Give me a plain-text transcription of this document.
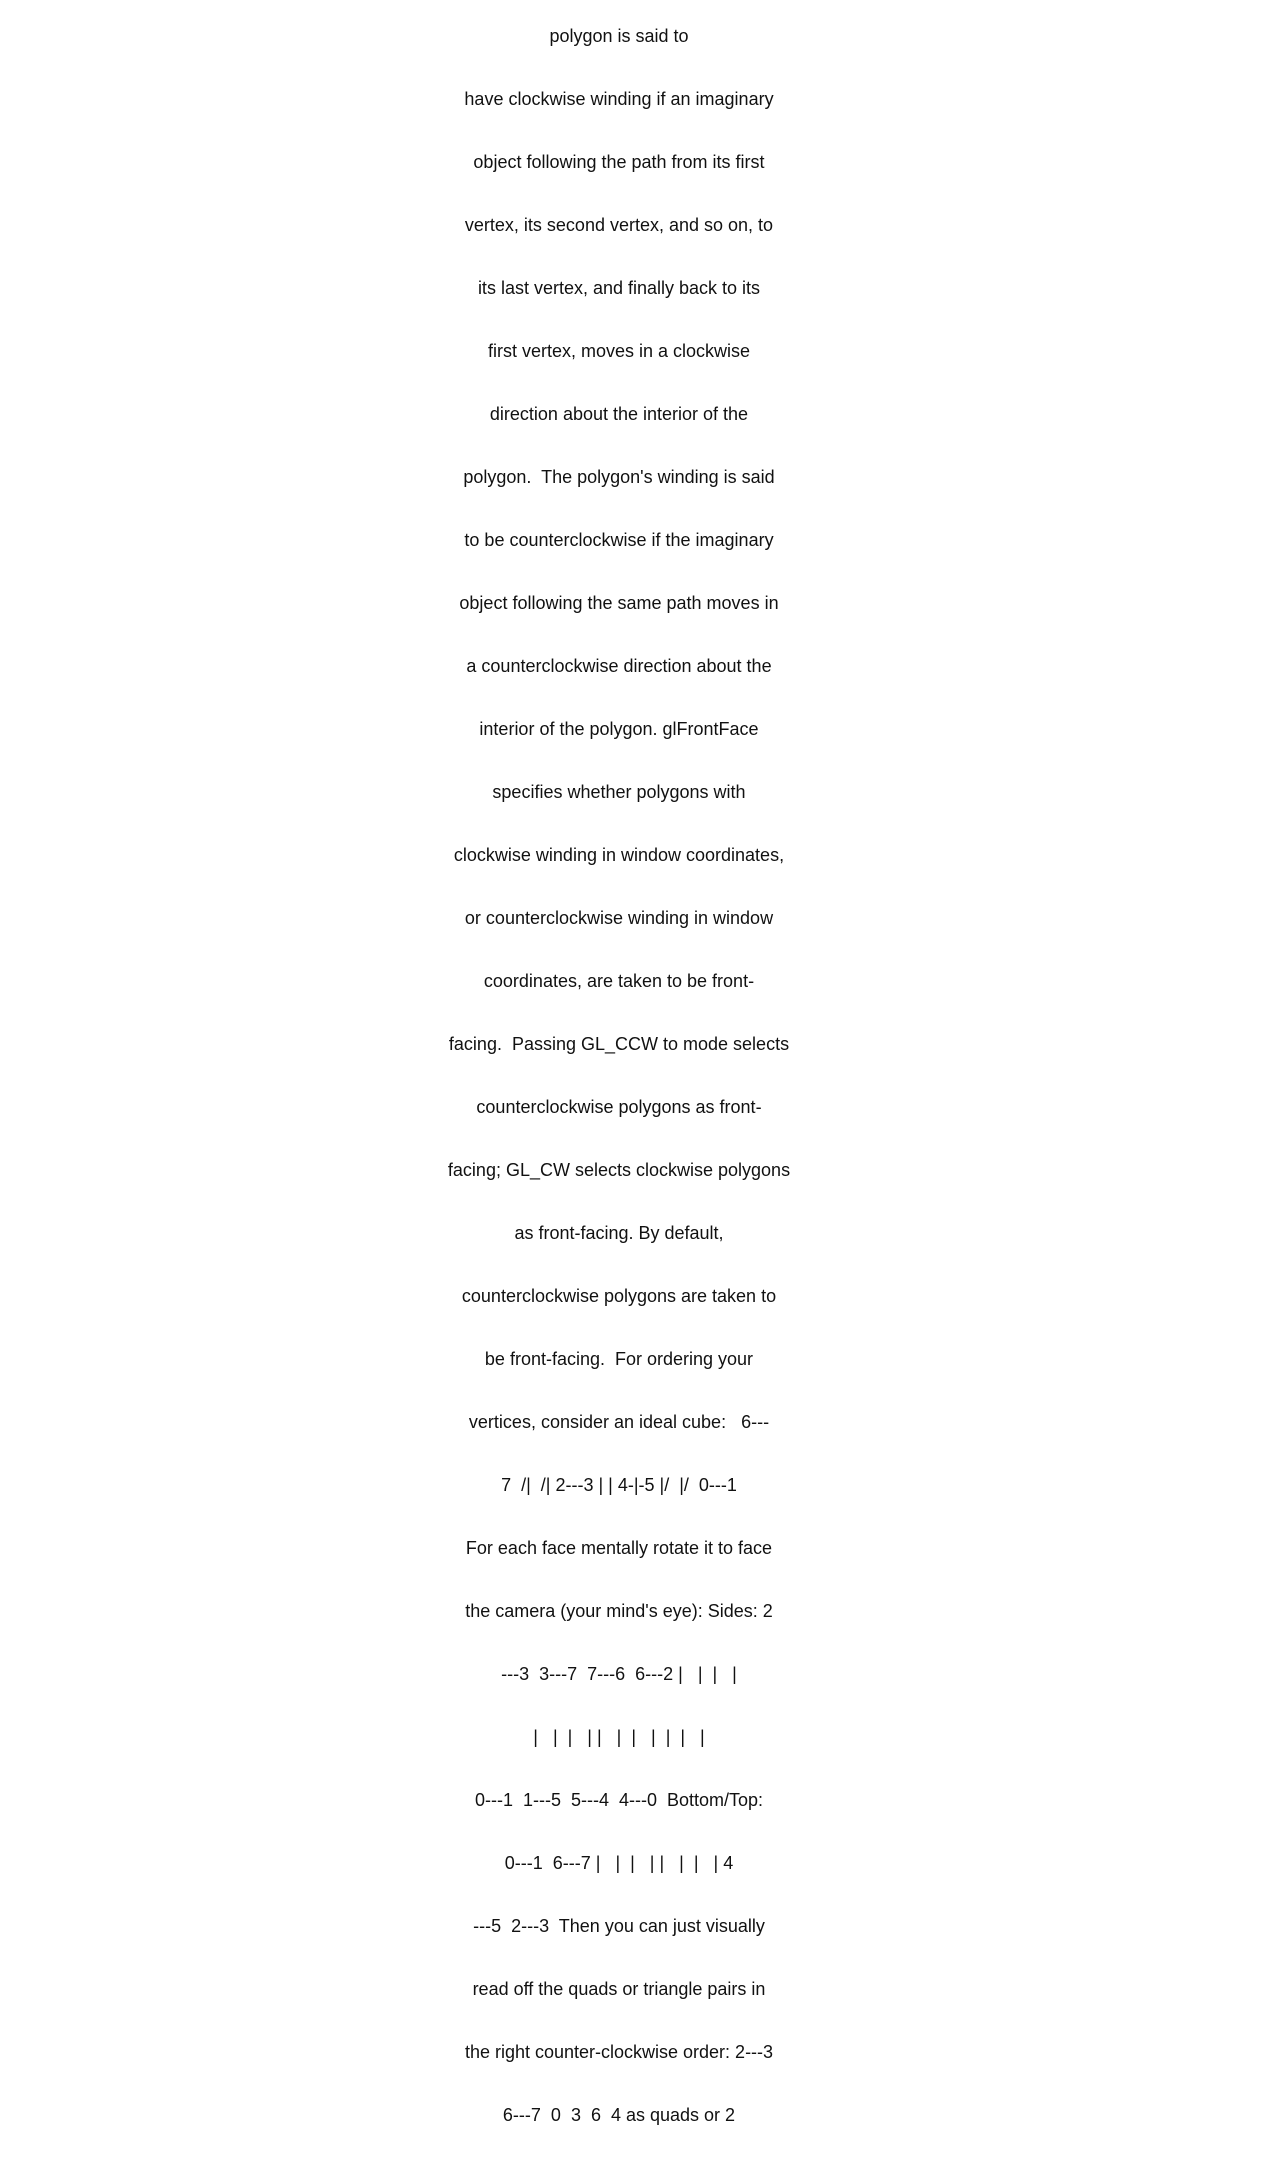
polygon is said to

have clockwise winding if an imaginary

object following the path from its first

vertex, its second vertex, and so on, to

its last vertex, and finally back to its

first vertex, moves in a clockwise

direction about the interior of the

polygon.  The polygon's winding is said

to be counterclockwise if the imaginary

object following the same path moves in

a counterclockwise direction about the

interior of the polygon. glFrontFace

specifies whether polygons with

clockwise winding in window coordinates,

or counterclockwise winding in window

coordinates, are taken to be front-

facing.  Passing GL_CCW to mode selects

counterclockwise polygons as front-

facing; GL_CW selects clockwise polygons

as front-facing. By default,

counterclockwise polygons are taken to

be front-facing.  For ordering your

vertices, consider an ideal cube:   6---

7  /|  /| 2---3 | | 4-|-5 |/  |/  0---1

For each face mentally rotate it to face

the camera (your mind's eye): Sides: 2

---3  3---7  7---6  6---2 |   |  |   |

|   |  |   | |   |  |   |  |  |   |

0---1  1---5  5---4  4---0  Bottom/Top:

0---1  6---7 |   |  |   | |   |  |   | 4

---5  2---3  Then you can just visually

read off the quads or triangle pairs in

the right counter-clockwise order: 2---3

6---7  0  3  6  4 as quads or 2
